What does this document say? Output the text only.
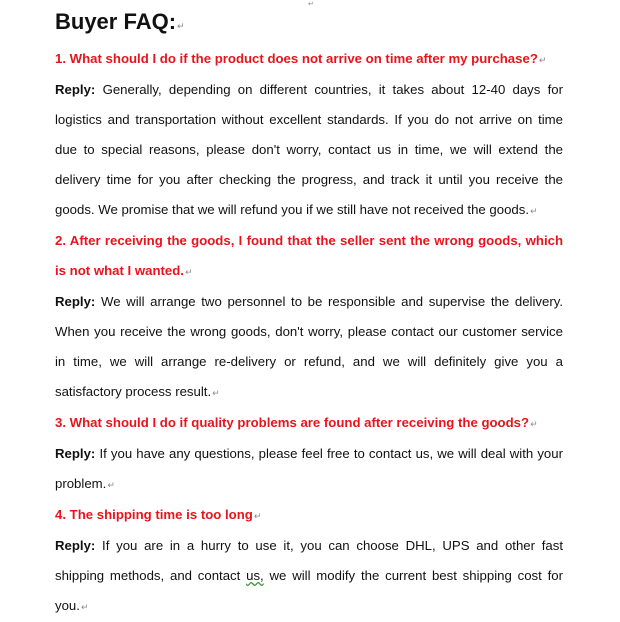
↵
Buyer FAQ:↵

1. What should I do if the product does not arrive on time after my purchase?↵

Reply: Generally, depending on different countries, it takes about 12-40 days for logistics and transportation without excellent standards. If you do not arrive on time due to special reasons, please don't worry, contact us in time, we will extend the delivery time for you after checking the progress, and track it until you receive the goods. We promise that we will refund you if we still have not received the goods.↵

2. After receiving the goods, I found that the seller sent the wrong goods, which is not what I wanted.↵

Reply: We will arrange two personnel to be responsible and supervise the delivery. When you receive the wrong goods, don't worry, please contact our customer service in time, we will arrange re-delivery or refund, and we will definitely give you a satisfactory process result.↵

3. What should I do if quality problems are found after receiving the goods?↵

Reply: If you have any questions, please feel free to contact us, we will deal with your problem.↵

4. The shipping time is too long↵

Reply: If you are in a hurry to use it, you can choose DHL, UPS and other fast shipping methods, and contact us, we will modify the current best shipping cost for you.↵
